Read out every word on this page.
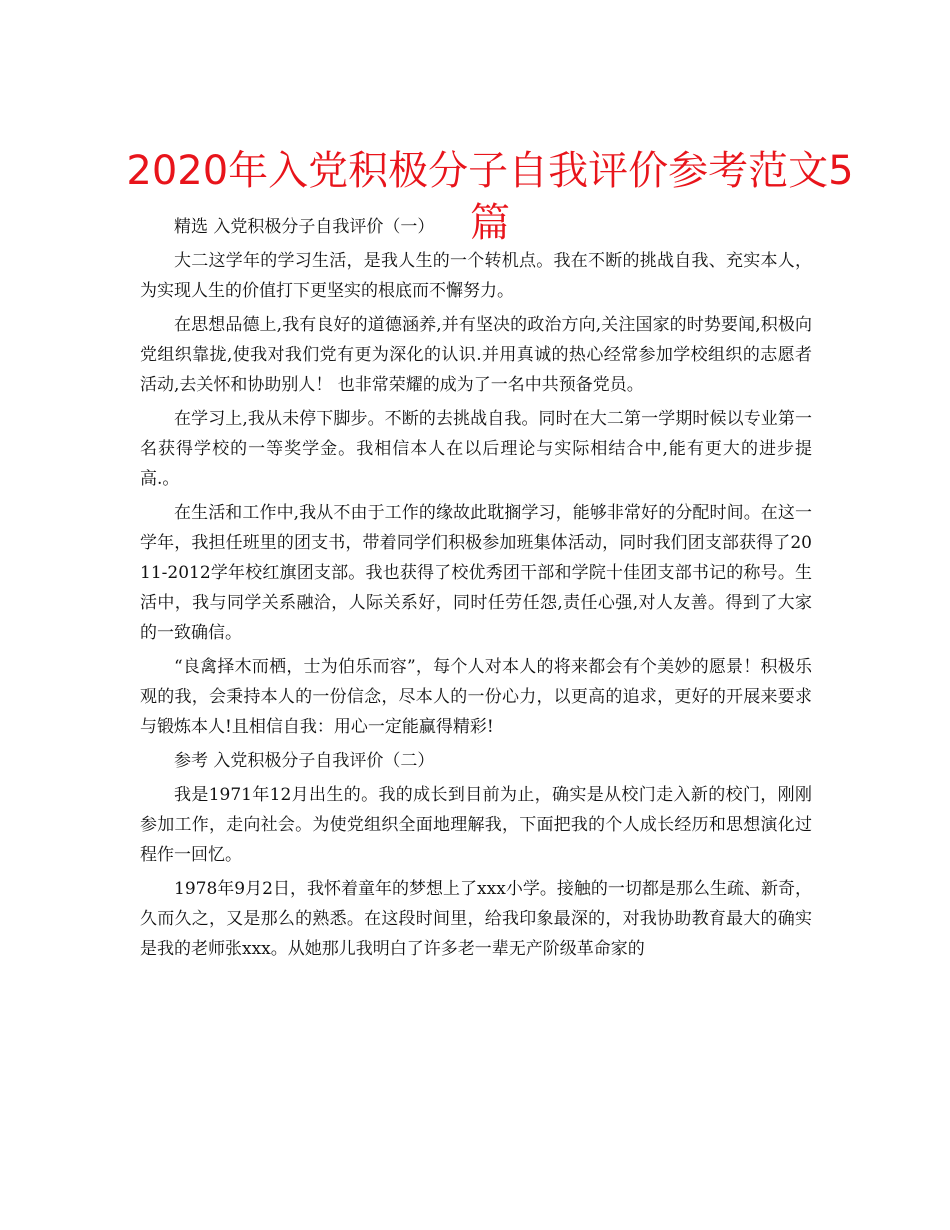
2020年入党积极分子自我评价参考范文5篇

精选 入党积极分子自我评价（一）

大二这学年的学习生活，是我人生的一个转机点。我在不断的挑战自我、充实本人，为实现人生的价值打下更坚实的根底而不懈努力。

在思想品德上,我有良好的道德涵养,并有坚决的政治方向,关注国家的时势要闻,积极向党组织靠拢,使我对我们党有更为深化的认识.并用真诚的热心经常参加学校组织的志愿者活动,去关怀和协助别人！ 也非常荣耀的成为了一名中共预备党员。

在学习上,我从未停下脚步。不断的去挑战自我。同时在大二第一学期时候以专业第一名获得学校的一等奖学金。我相信本人在以后理论与实际相结合中,能有更大的进步提高.。

在生活和工作中,我从不由于工作的缘故此耽搁学习，能够非常好的分配时间。在这一学年，我担任班里的团支书，带着同学们积极参加班集体活动，同时我们团支部获得了2011-2012学年校红旗团支部。我也获得了校优秀团干部和学院十佳团支部书记的称号。生活中，我与同学关系融洽，人际关系好，同时任劳任怨,责任心强,对人友善。得到了大家的一致确信。

“良禽择木而栖，士为伯乐而容”，每个人对本人的将来都会有个美妙的愿景！积极乐观的我，会秉持本人的一份信念，尽本人的一份心力，以更高的追求，更好的开展来要求与锻炼本人!且相信自我：用心一定能赢得精彩!

参考 入党积极分子自我评价（二）

我是1971年12月出生的。我的成长到目前为止，确实是从校门走入新的校门，刚刚参加工作，走向社会。为使党组织全面地理解我，下面把我的个人成长经历和思想演化过程作一回忆。

1978年9月2日，我怀着童年的梦想上了xxx小学。接触的一切都是那么生疏、新奇，久而久之，又是那么的熟悉。在这段时间里，给我印象最深的，对我协助教育最大的确实是我的老师张xxx。从她那儿我明白了许多老一辈无产阶级革命家的
